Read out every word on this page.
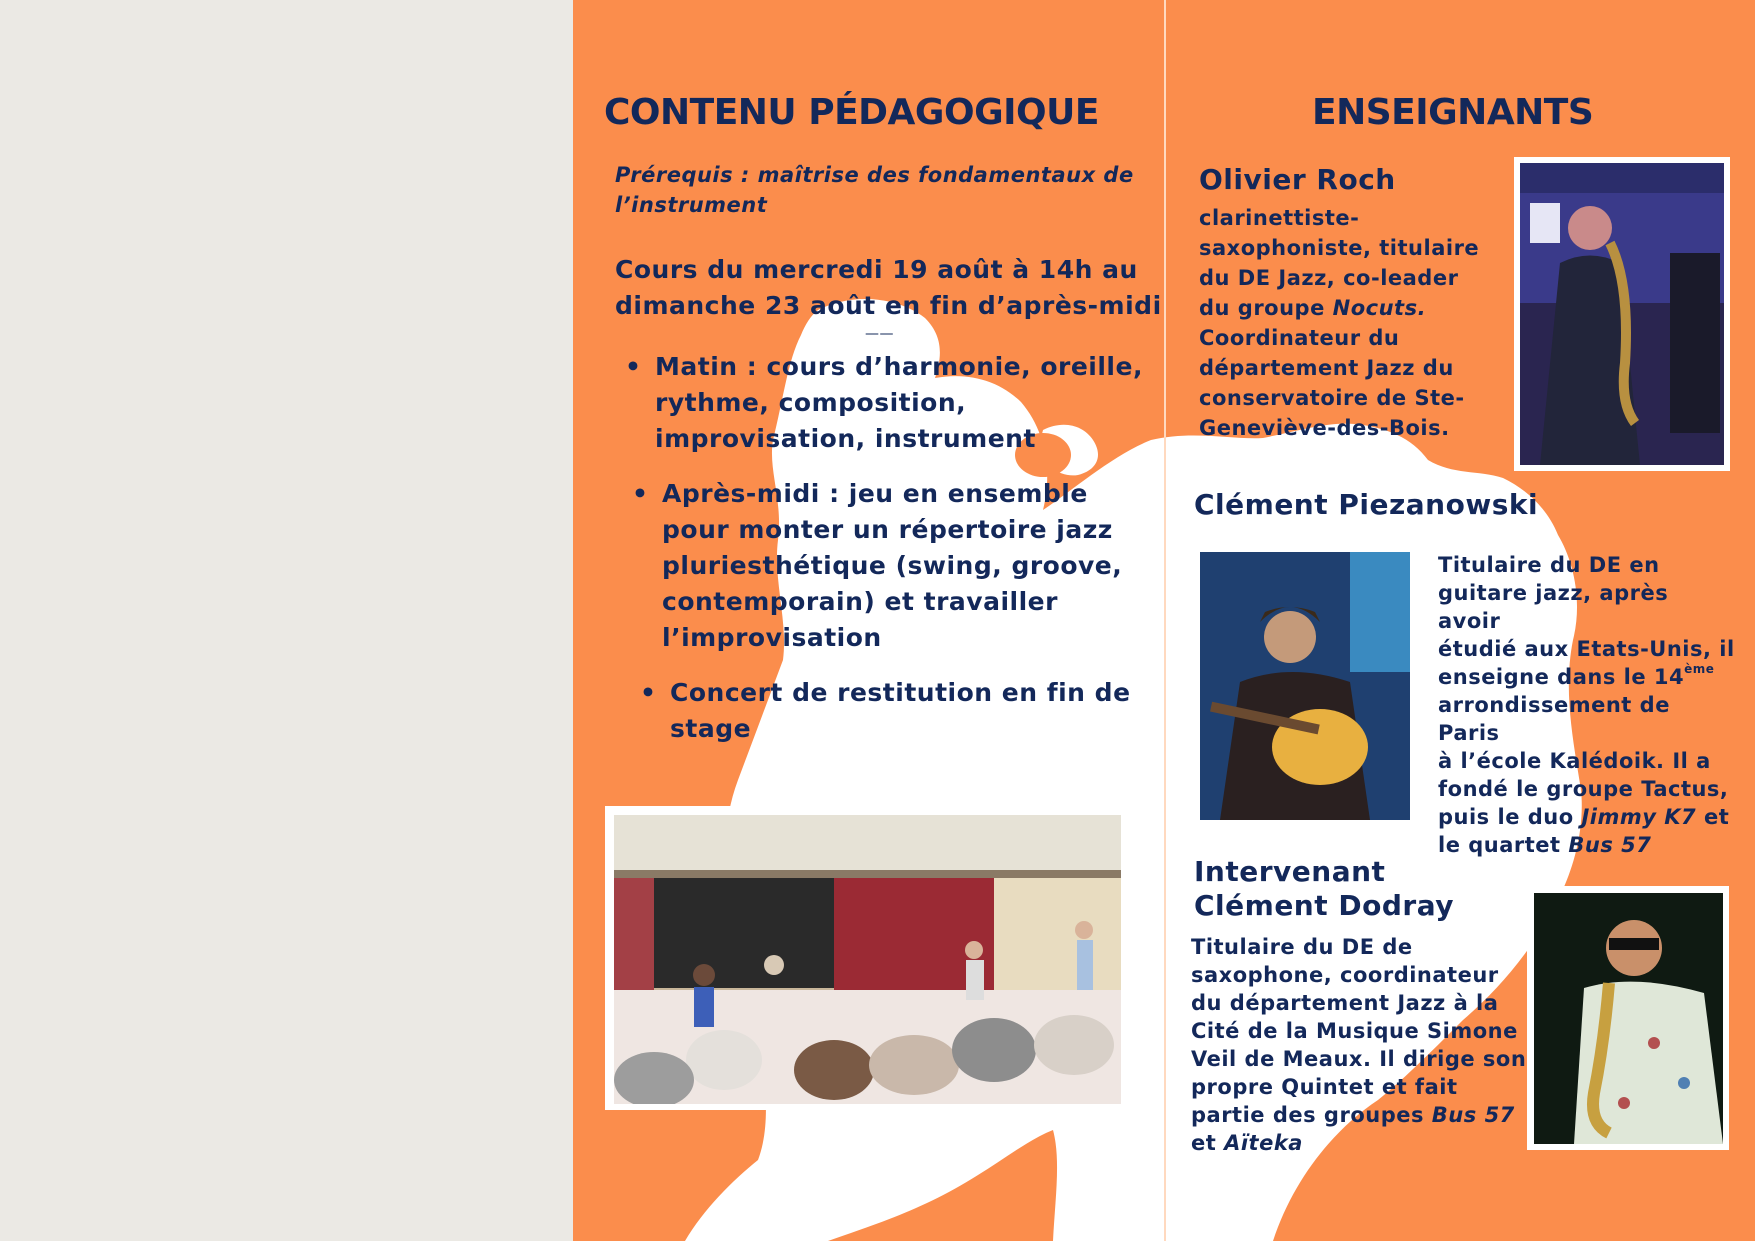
CONTENU PÉDAGOGIQUE
Prérequis : maîtrise des fondamentaux de l’instrument
Cours du mercredi 19 août à 14h au
dimanche 23 août en fin d’après-midi
——
• Matin : cours d’harmonie, oreille,
rythme, composition,
improvisation, instrument
• Après-midi : jeu en ensemble
pour monter un répertoire jazz
pluriesthétique (swing, groove,
contemporain) et travailler
l’improvisation
• Concert de restitution en fin de
stage
ENSEIGNANTS
Olivier Roch
clarinettiste-
saxophoniste, titulaire
du DE Jazz, co-leader
du groupe Nocuts.
Coordinateur du
département Jazz du
conservatoire de Ste-
Geneviève-des-Bois.
Clément Piezanowski
Titulaire du DE en
guitare jazz, après avoir
étudié aux Etats-Unis, il
enseigne dans le 14ème
arrondissement de Paris
à l’école Kalédoik. Il a
fondé le groupe Tactus,
puis le duo Jimmy K7 et
le quartet Bus 57
Intervenant
Clément Dodray
Titulaire du DE de
saxophone, coordinateur
du département Jazz à la
Cité de la Musique Simone
Veil de Meaux. Il dirige son
propre Quintet et fait
partie des groupes Bus 57
et Aïteka
